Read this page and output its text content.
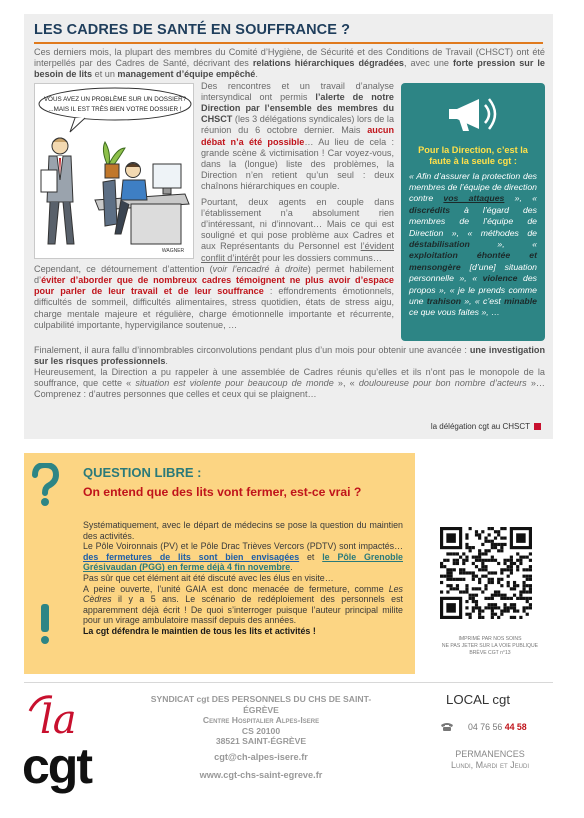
LES CADRES DE SANTÉ EN SOUFFRANCE ?

Ces derniers mois, la plupart des membres du Comité d’Hygiène, de Sécurité et des Conditions de Travail (CHSCT) ont été interpellés par des Cadres de Santé, décrivant des relations hiérarchiques dégradées, avec une forte pression sur le besoin de lits et un management d’équipe empêché.

VOUS AVEZ UN PROBLÈME SUR UN DOSSIER?
...MAIS IL EST TRÈS BIEN VOTRE DOSSIER !
WAGNER
Pour la Direction, c’est la faute à la seule cgt :
« Afin d’assurer la protection des membres de l’équipe de direction contre vos attaques », « discrédits à l’égard des membres de l’équipe de Direction », « méthodes de déstabilisation », « exploitation éhontée et mensongère [d’une] situation personnelle », « violence des propos », « je le prends comme une trahison », « c’est minable ce que vous faites », …

Des rencontres et un travail d’analyse intersyndical ont permis l’alerte de notre Direction par l’ensemble des membres du CHSCT (les 3 délégations syndicales) lors de la réunion du 6 octobre dernier. Mais aucun débat n’a été possible… Au lieu de cela : grande scène & victimisation ! Car voyez-vous, dans la (longue) liste des problèmes, la Direction n’en retient qu’un seul : deux chaînons hiérarchiques en couple.

Pourtant, deux agents en couple dans l’établissement n’a absolument rien d’intéressant, ni d’innovant… Mais ce qui est souligné et qui pose problème aux Cadres et aux Représentants du Personnel est l’évident conflit d’intérêt pour les dossiers communs…

Cependant, ce détournement d’attention (voir l’encadré à droite) permet habilement d’éviter d’aborder que de nombreux cadres témoignent ne plus avoir d’espace pour parler de leur travail et de leur souffrance : effondrements émotionnels, difficultés de sommeil, difficultés alimentaires, stress quotidien, états de stress aigu, charge mentale majeure et régulière, charge émotionnelle importante et récurrente, culpabilité importante, hypervigilance soutenue, …

Finalement, il aura fallu d’innombrables circonvolutions pendant plus d’un mois pour obtenir une avancée : une investigation sur les risques professionnels.

Heureusement, la Direction a pu rappeler à une assemblée de Cadres réunis qu’elles et ils n’ont pas le monopole de la souffrance, que cette « situation est violente pour beaucoup de monde », « douloureuse pour bon nombre d’acteurs »… Comprenez : d’autres personnes que celles et ceux qui se plaignent…

la délégation cgt au CHSCT
QUESTION LIBRE :
On entend que des lits vont fermer, est-ce vrai ?

Systématiquement, avec le départ de médecins se pose la question du maintien des activités.

Le Pôle Voironnais (PV) et le Pôle Drac Trièves Vercors (PDTV) sont impactés… des fermetures de lits sont bien envisagées et le Pôle Grenoble Grésivaudan (PGG) en ferme déjà 4 fin novembre.

Pas sûr que cet élément ait été discuté avec les élus en visite…

A peine ouverte, l’unité GAIA est donc menacée de fermeture, comme Les Cèdres il y a 5 ans. Le scénario de redéploiement des personnels est apparemment déjà écrit ! De quoi s’interroger puisque l’auteur principal milite pour un virage ambulatoire massif depuis des années.

La cgt défendra le maintien de tous les lits et activités !

IMPRIMÉ PAR NOS SOINS
NE PAS JETER SUR LA VOIE PUBLIQUE
BRÈVE CGT n°13
la
cgt
SYNDICAT cgt DES PERSONNELS DU CHS DE SAINT-ÉGRÈVE
Centre Hospitalier Alpes-Isere
CS 20100
38521 SAINT-ÉGRÈVE
cgt@ch-alpes-isere.fr
www.cgt-chs-saint-egreve.fr
LOCAL cgt
04 76 56 44 58
PERMANENCES
Lundi, Mardi et Jeudi
